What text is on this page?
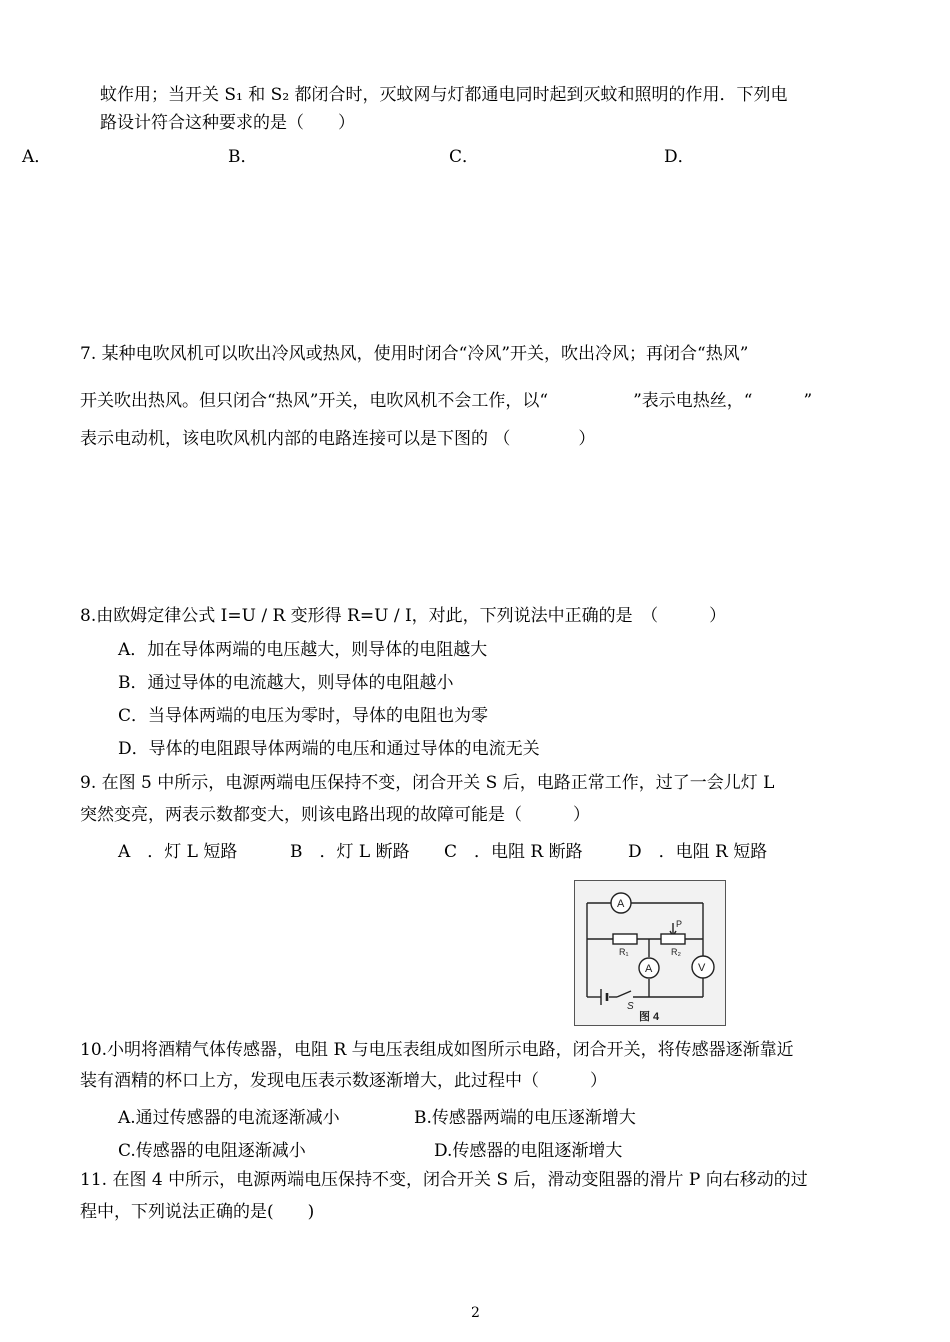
蚊作用；当开关 S₁ 和 S₂ 都闭合时，灭蚊网与灯都通电同时起到灭蚊和照明的作用．下列电
路设计符合这种要求的是（　　）
A．	B．	C．	D．
7. 某种电吹风机可以吹出冷风或热风，使用时闭合“冷风”开关，吹出冷风；再闭合“热风”
开关吹出热风。但只闭合“热风”开关，电吹风机不会工作，以“　　　　　”表示电热丝，“　　　”
表示电动机，该电吹风机内部的电路连接可以是下图的 （　　　　）
8.由欧姆定律公式 I=U / R 变形得 R=U / I，对此，下列说法中正确的是　（　　　）
A．加在导体两端的电压越大，则导体的电阻越大
B．通过导体的电流越大，则导体的电阻越小
C．当导体两端的电压为零时，导体的电阻也为零
D．导体的电阻跟导体两端的电压和通过导体的电流无关
9. 在图 5 中所示，电源两端电压保持不变，闭合开关 S 后，电路正常工作，过了一会儿灯 L
突然变亮，两表示数都变大，则该电路出现的故障可能是（　　　）
A　．灯 L 短路	B　．灯 L 断路 C　．电阻 R 断路	D　．电阻 R 短路
A
A	V
R₁	R₂
P
S
图 4
10.小明将酒精气体传感器，电阻 R 与电压表组成如图所示电路，闭合开关，将传感器逐渐靠近
装有酒精的杯口上方，发现电压表示数逐渐增大，此过程中（　　　）
A.通过传感器的电流逐渐减小	B.传感器两端的电压逐渐增大
C.传感器的电阻逐渐减小	D.传感器的电阻逐渐增大
11. 在图 4 中所示，电源两端电压保持不变，闭合开关 S 后，滑动变阻器的滑片 P 向右移动的过
程中，下列说法正确的是(　　)
2
